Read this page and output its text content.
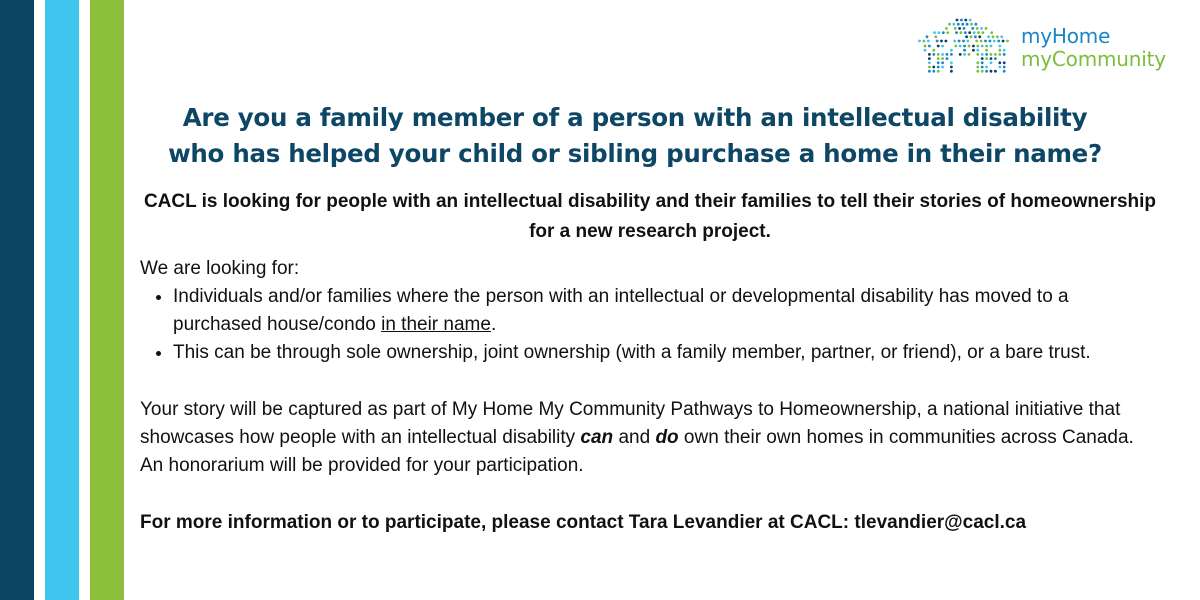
myHome
myCommunity
Are you a family member of a person with an intellectual disability
who has helped your child or sibling purchase a home in their name?

CACL is looking for people with an intellectual disability and their families to tell their stories of homeownership for a new research project.

We are looking for:

• Individuals and/or families where the person with an intellectual or developmental disability has moved to a purchased house/condo in their name.
• This can be through sole ownership, joint ownership (with a family member, partner, or friend), or a bare trust.

Your story will be captured as part of My Home My Community Pathways to Homeownership, a national initiative that showcases how people with an intellectual disability can and do own their own homes in communities across Canada. An honorarium will be provided for your participation.

For more information or to participate, please contact Tara Levandier at CACL: tlevandier@cacl.ca
